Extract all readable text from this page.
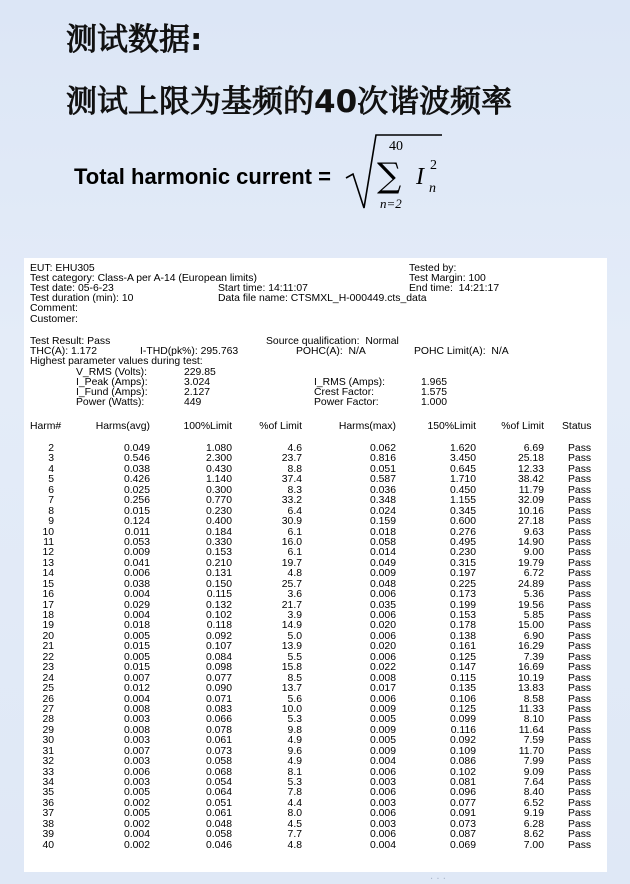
测试数据:
测试上限为基频的40次谐波频率
Total harmonic current =
40
∑
n=2
I 2
n
EUT: EHU305	Tested by:
Test category: Class-A per A-14 (European limits)	Test Margin: 100
Test date: 05-6-23	Start time: 14:11:07	End time:  14:21:17
Test duration (min): 10	Data file name: CTSMXL_H-000449.cts_data
Comment:
Customer:
Test Result: Pass	Source qualification:  Normal
THC(A): 1.172	I-THD(pk%): 295.763	POHC(A):  N/A	POHC Limit(A):  N/A
Highest parameter values during test:
V_RMS (Volts):	229.85
I_Peak (Amps):	3.024	I_RMS (Amps):	1.965
I_Fund (Amps):	2.127	Crest Factor:	1.575
Power (Watts):	449	Power Factor:	1.000
Harm#	Harms(avg)	100%Limit	%of Limit	Harms(max)	150%Limit	%of Limit Status
2	0.049	1.080	4.6	0.062	1.620	6.69 Pass
3	0.546	2.300	23.7	0.816	3.450	25.18 Pass
4	0.038	0.430	8.8	0.051	0.645	12.33 Pass
5	0.426	1.140	37.4	0.587	1.710	38.42 Pass
6	0.025	0.300	8.3	0.036	0.450	11.79 Pass
7	0.256	0.770	33.2	0.348	1.155	32.09 Pass
8	0.015	0.230	6.4	0.024	0.345	10.16 Pass
9	0.124	0.400	30.9	0.159	0.600	27.18 Pass
10	0.011	0.184	6.1	0.018	0.276	9.63 Pass
11	0.053	0.330	16.0	0.058	0.495	14.90 Pass
12	0.009	0.153	6.1	0.014	0.230	9.00 Pass
13	0.041	0.210	19.7	0.049	0.315	19.79 Pass
14	0.006	0.131	4.8	0.009	0.197	6.72 Pass
15	0.038	0.150	25.7	0.048	0.225	24.89 Pass
16	0.004	0.115	3.6	0.006	0.173	5.36 Pass
17	0.029	0.132	21.7	0.035	0.199	19.56 Pass
18	0.004	0.102	3.9	0.006	0.153	5.85 Pass
19	0.018	0.118	14.9	0.020	0.178	15.00 Pass
20	0.005	0.092	5.0	0.006	0.138	6.90 Pass
21	0.015	0.107	13.9	0.020	0.161	16.29 Pass
22	0.005	0.084	5.5	0.006	0.125	7.39 Pass
23	0.015	0.098	15.8	0.022	0.147	16.69 Pass
24	0.007	0.077	8.5	0.008	0.115	10.19 Pass
25	0.012	0.090	13.7	0.017	0.135	13.83 Pass
26	0.004	0.071	5.6	0.006	0.106	8.58 Pass
27	0.008	0.083	10.0	0.009	0.125	11.33 Pass
28	0.003	0.066	5.3	0.005	0.099	8.10 Pass
29	0.008	0.078	9.8	0.009	0.116	11.64 Pass
30	0.003	0.061	4.9	0.005	0.092	7.59 Pass
31	0.007	0.073	9.6	0.009	0.109	11.70 Pass
32	0.003	0.058	4.9	0.004	0.086	7.99 Pass
33	0.006	0.068	8.1	0.006	0.102	9.09 Pass
34	0.003	0.054	5.3	0.003	0.081	7.64 Pass
35	0.005	0.064	7.8	0.006	0.096	8.40 Pass
36	0.002	0.051	4.4	0.003	0.077	6.52 Pass
37	0.005	0.061	8.0	0.006	0.091	9.19 Pass
38	0.002	0.048	4.5	0.003	0.073	6.28 Pass
39	0.004	0.058	7.7	0.006	0.087	8.62 Pass
40	0.002	0.046	4.8	0.004	0.069	7.00 Pass
· · ·
